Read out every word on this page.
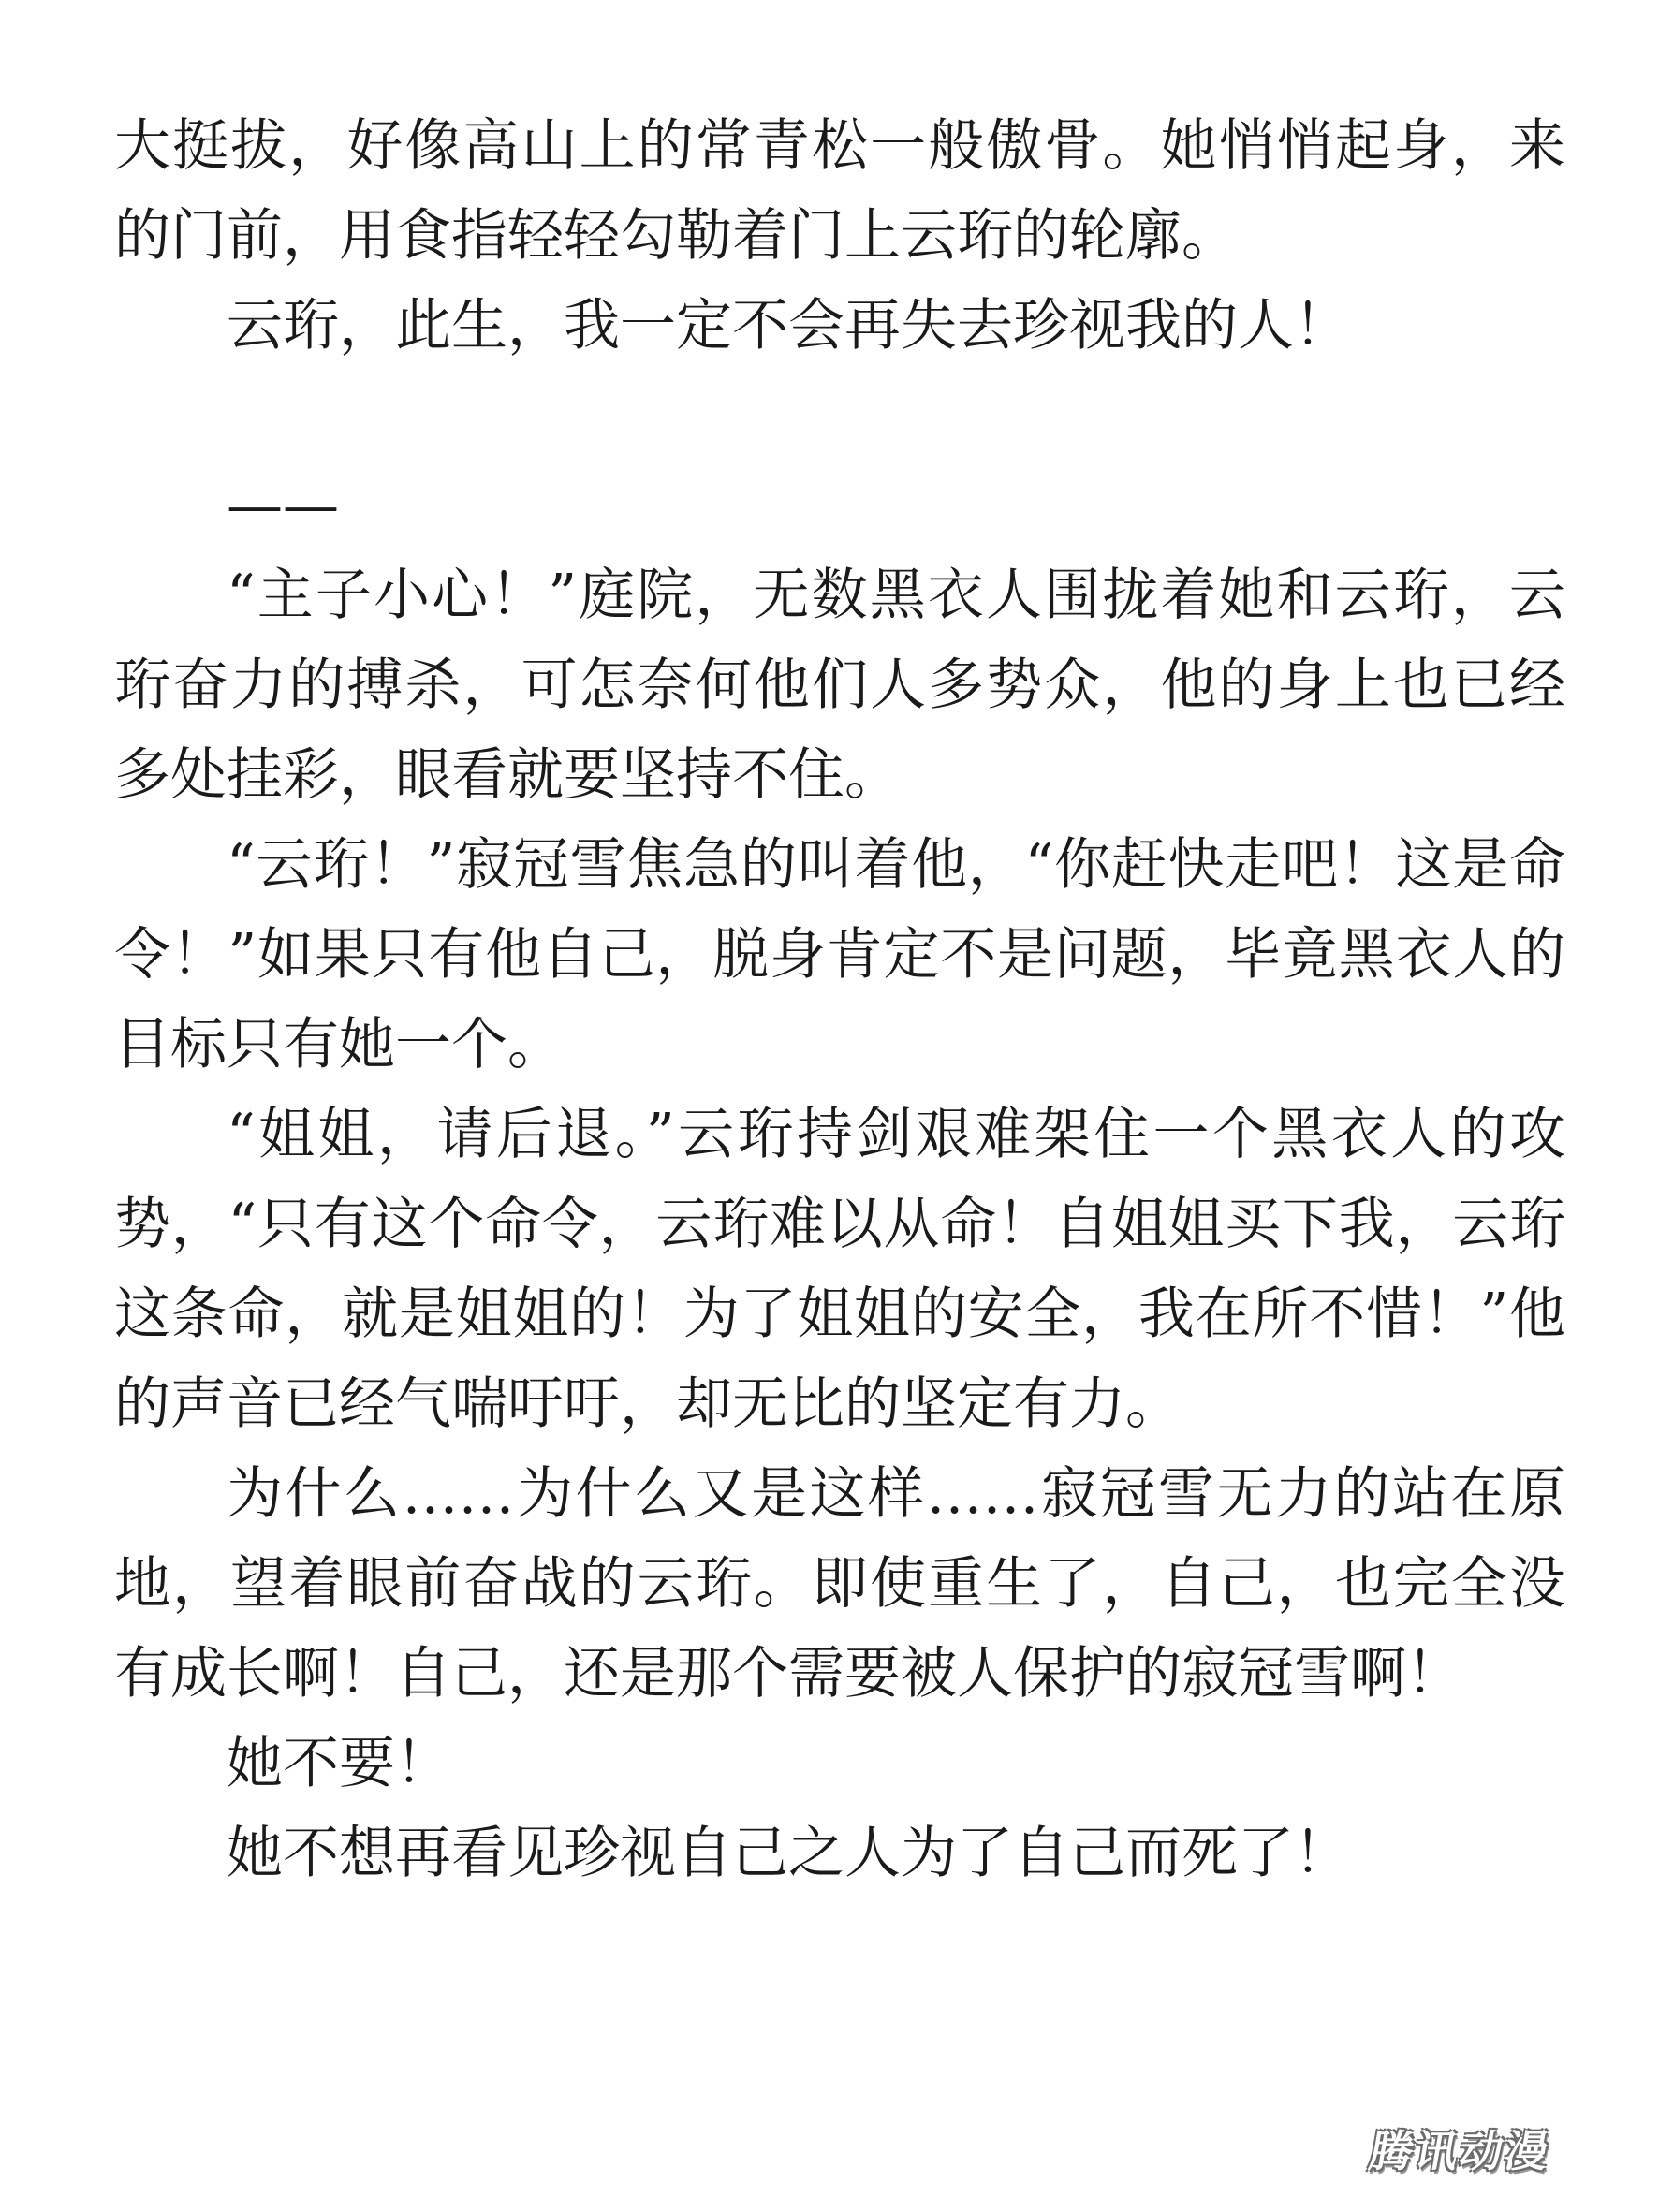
大挺拔，好像高山上的常青松一般傲骨。她悄悄起身，来的门前，用食指轻轻勾勒着门上云珩的轮廓。

云珩，此生，我一定不会再失去珍视我的人！

——

“主子小心！”庭院，无数黑衣人围拢着她和云珩，云珩奋力的搏杀，可怎奈何他们人多势众，他的身上也已经多处挂彩，眼看就要坚持不住。

“云珩！”寂冠雪焦急的叫着他，“你赶快走吧！这是命令！”如果只有他自己，脱身肯定不是问题，毕竟黑衣人的目标只有她一个。

“姐姐，请后退。”云珩持剑艰难架住一个黑衣人的攻势，“只有这个命令，云珩难以从命！自姐姐买下我，云珩这条命，就是姐姐的！为了姐姐的安全，我在所不惜！”他的声音已经气喘吁吁，却无比的坚定有力。

为什么……为什么又是这样……寂冠雪无力的站在原地，望着眼前奋战的云珩。即使重生了，自己，也完全没有成长啊！自己，还是那个需要被人保护的寂冠雪啊！

她不要！

她不想再看见珍视自己之人为了自己而死了！

腾讯动漫
